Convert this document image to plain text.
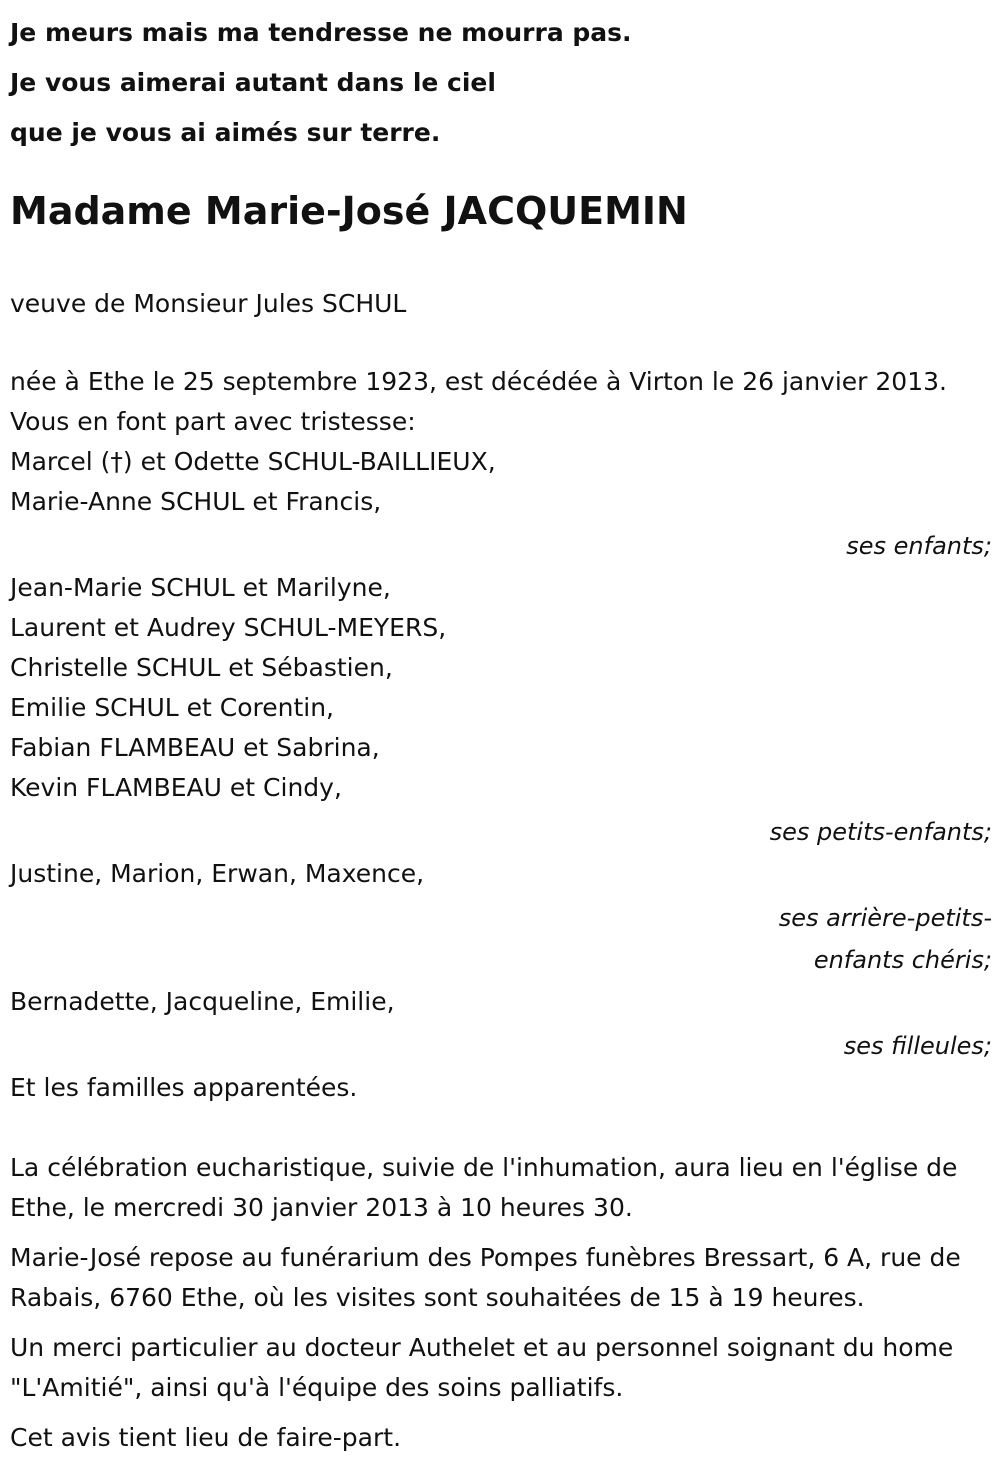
Je meurs mais ma tendresse ne mourra pas.

Je vous aimerai autant dans le ciel

que je vous ai aimés sur terre.

Madame Marie-José JACQUEMIN

veuve de Monsieur Jules SCHUL

née à Ethe le 25 septembre 1923, est décédée à Virton le 26 janvier 2013.

Vous en font part avec tristesse:

Marcel (†) et Odette SCHUL-BAILLIEUX,

Marie-Anne SCHUL et Francis,

ses enfants;

Jean-Marie SCHUL et Marilyne,

Laurent et Audrey SCHUL-MEYERS,

Christelle SCHUL et Sébastien,

Emilie SCHUL et Corentin,

Fabian FLAMBEAU et Sabrina,

Kevin FLAMBEAU et Cindy,

ses petits-enfants;

Justine, Marion, Erwan, Maxence,

ses arrière-petits-

enfants chéris;

Bernadette, Jacqueline, Emilie,

ses filleules;

Et les familles apparentées.

La célébration eucharistique, suivie de l'inhumation, aura lieu en l'église de Ethe, le mercredi 30 janvier 2013 à 10 heures 30.

Marie-José repose au funérarium des Pompes funèbres Bressart, 6 A, rue de Rabais, 6760 Ethe, où les visites sont souhaitées de 15 à 19 heures.

Un merci particulier au docteur Authelet et au personnel soignant du home "L'Amitié", ainsi qu'à l'équipe des soins palliatifs.

Cet avis tient lieu de faire-part.
